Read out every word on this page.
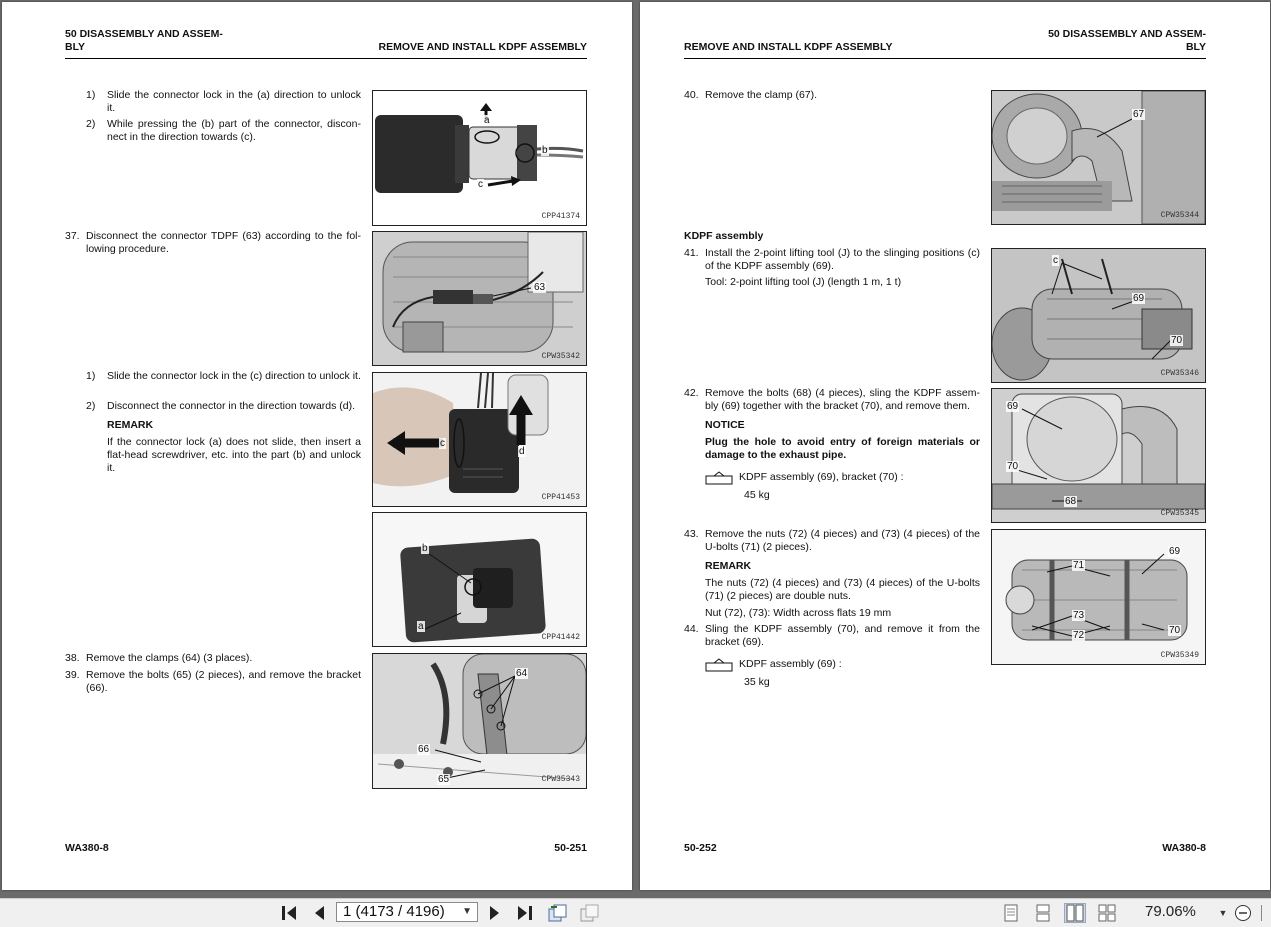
50 DISASSEMBLY AND ASSEM-
BLY	REMOVE AND INSTALL KDPF ASSEMBLY
1) Slide the connector lock in the (a) direction to unlock it.
2) While pressing the (b) part of the connector, discon-nect in the direction towards (c).
a
b
c
CPP41374
37. Disconnect the connector TDPF (63) according to the fol-lowing procedure.
63
CPW35342
1) Slide the connector lock in the (c) direction to unlock it.
2) Disconnect the connector in the direction towards (d).
REMARK
If the connector lock (a) does not slide, then insert a flat-head screwdriver, etc. into the part (b) and unlock it.
c
d
CPP41453
b
a
CPP41442
38. Remove the clamps (64) (3 places).
39. Remove the bolts (65) (2 pieces), and remove the bracket (66).
64
66
65	CPW35343
WA380-8	50-251
REMOVE AND INSTALL KDPF ASSEMBLY
50 DISASSEMBLY AND ASSEM-
BLY
40. Remove the clamp (67).
67
CPW35344
KDPF assembly
41. Install the 2-point lifting tool (J) to the slinging positions (c) of the KDPF assembly (69).
Tool: 2-point lifting tool (J) (length 1 m, 1 t)
c
69
70
CPW35346
42. Remove the bolts (68) (4 pieces), sling the KDPF assem-bly (69) together with the bracket (70), and remove them.
NOTICE
Plug the hole to avoid entry of foreign materials or damage to the exhaust pipe.
KDPF assembly (69), bracket (70) :
45 kg
69
70
68
CPW35345
43. Remove the nuts (72) (4 pieces) and (73) (4 pieces) of the U-bolts (71) (2 pieces).
REMARK
The nuts (72) (4 pieces) and (73) (4 pieces) of the U-bolts (71) (2 pieces) are double nuts.
Nut (72), (73): Width across flats 19 mm
44. Sling the KDPF assembly (70), and remove it from the bracket (69).
KDPF assembly (69) :
35 kg
71
69
73
72	70
CPW35349
50-252	WA380-8
1 (4173 / 4196) ▼	79.06%	▼
